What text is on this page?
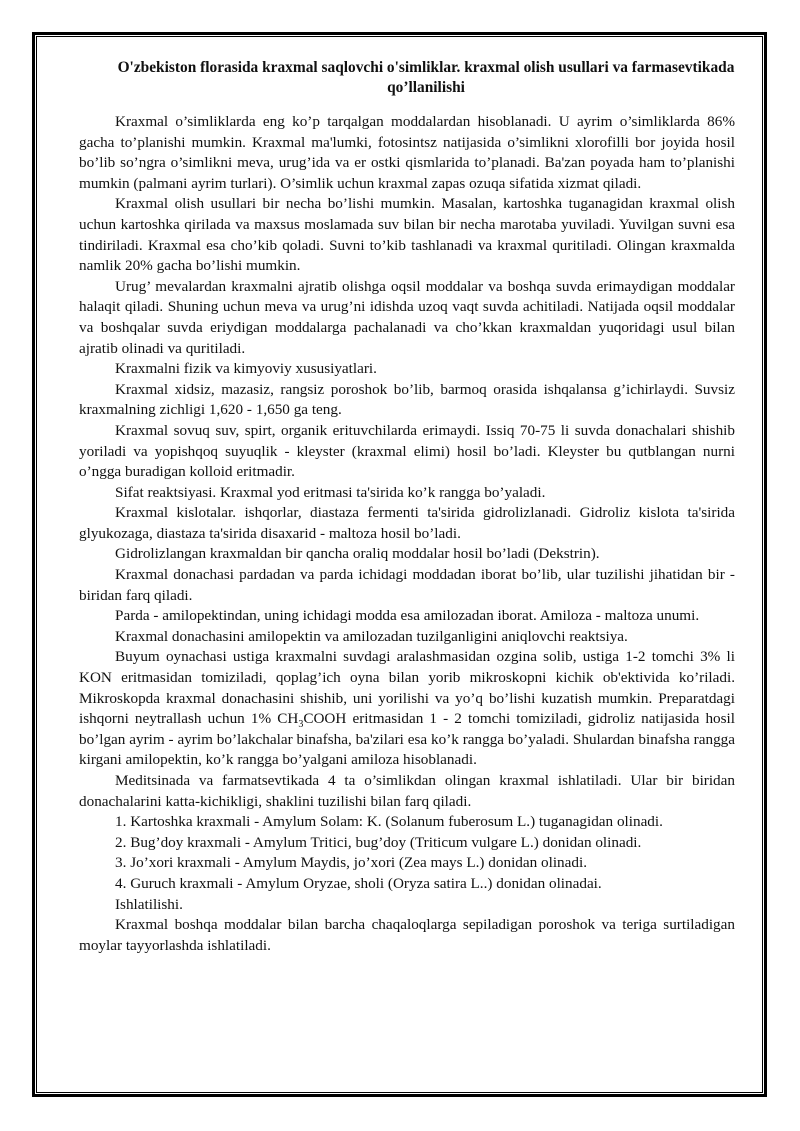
O'zbekiston florasida kraxmal saqlovchi o'simliklar. kraxmal olish usullari va farmasevtikada qo’llanilishi

Kraxmal o’simliklarda eng ko’p tarqalgan moddalardan hisoblanadi. U ayrim o’simliklarda 86% gacha to’planishi mumkin. Kraxmal ma'lumki, fotosintsz natijasida o’simlikni xlorofilli bor joyida hosil bo’lib so’ngra o’simlikni meva, urug’ida va er ostki qismlarida to’planadi. Ba'zan poyada ham to’planishi mumkin (palmani ayrim turlari). O’simlik uchun kraxmal zapas ozuqa sifatida xizmat qiladi.

Kraxmal olish usullari bir necha bo’lishi mumkin. Masalan, kartoshka tuganagidan kraxmal olish uchun kartoshka qirilada va maxsus moslamada suv bilan bir necha marotaba yuviladi. Yuvilgan suvni esa tindiriladi. Kraxmal esa cho’kib qoladi. Suvni to’kib tashlanadi va kraxmal quritiladi. Olingan kraxmalda namlik 20% gacha bo’lishi mumkin.

Urug’ mevalardan kraxmalni ajratib olishga oqsil moddalar va boshqa suvda erimaydigan moddalar halaqit qiladi. Shuning uchun meva va urug’ni idishda uzoq vaqt suvda achitiladi. Natijada oqsil moddalar va boshqalar suvda eriydigan moddalarga pachalanadi va cho’kkan kraxmaldan yuqoridagi usul bilan ajratib olinadi va quritiladi.

Kraxmalni fizik va kimyoviy xususiyatlari.

Kraxmal xidsiz, mazasiz, rangsiz poroshok bo’lib, barmoq orasida ishqalansa g’ichirlaydi. Suvsiz kraxmalning zichligi 1,620 - 1,650 ga teng.

Kraxmal sovuq suv, spirt, organik erituvchilarda erimaydi. Issiq 70-75 li suvda donachalari shishib yoriladi va yopishqoq suyuqlik - kleyster (kraxmal elimi) hosil bo’ladi. Kleyster bu qutblangan nurni o’ngga buradigan kolloid eritmadir.

Sifat reaktsiyasi. Kraxmal yod eritmasi ta'sirida ko’k rangga bo’yaladi.

Kraxmal kislotalar. ishqorlar, diastaza fermenti ta'sirida gidrolizlanadi. Gidroliz kislota ta'sirida glyukozaga, diastaza ta'sirida disaxarid - maltoza hosil bo’ladi.

Gidrolizlangan kraxmaldan bir qancha oraliq moddalar hosil bo’ladi (Dekstrin).

Kraxmal donachasi pardadan va parda ichidagi moddadan iborat bo’lib, ular tuzilishi jihatidan bir - biridan farq qiladi.

Parda - amilopektindan, uning ichidagi modda esa amilozadan iborat. Amiloza - maltoza unumi.

Kraxmal donachasini amilopektin va amilozadan tuzilganligini aniqlovchi reaktsiya.

Buyum oynachasi ustiga kraxmalni suvdagi aralashmasidan ozgina solib, ustiga 1-2 tomchi 3% li KON eritmasidan tomiziladi, qoplag’ich oyna bilan yorib mikroskopni kichik ob'ektivida ko’riladi. Mikroskopda kraxmal donachasini shishib, uni yorilishi va yo’q bo’lishi kuzatish mumkin. Preparatdagi ishqorni neytrallash uchun 1% $CH_3COOH$ eritmasidan 1 - 2 tomchi tomiziladi, gidroliz natijasida hosil bo’lgan ayrim - ayrim bo’lakchalar binafsha, ba'zilari esa ko’k rangga bo’yaladi. Shulardan binafsha rangga kirgani amilopektin, ko’k rangga bo’yalgani amiloza hisoblanadi.

Meditsinada va farmatsevtikada 4 ta o’simlikdan olingan kraxmal ishlatiladi. Ular bir biridan donachalarini katta-kichikligi, shaklini tuzilishi bilan farq qiladi.

1. Kartoshka kraxmali - Amylum Solam: K. (Solanum fuberosum L.) tuganagidan olinadi.

2. Bug’doy kraxmali - Amylum Tritici, bug’doy (Triticum vulgare L.) donidan olinadi.

3. Jo’xori kraxmali - Amylum Maydis, jo’xori (Zea mays L.) donidan olinadi.

4. Guruch kraxmali - Amylum Oryzae, sholi (Oryza satira L..) donidan olinadai.

Ishlatilishi.

Kraxmal boshqa moddalar bilan barcha chaqaloqlarga sepiladigan poroshok va teriga surtiladigan moylar tayyorlashda ishlatiladi.
